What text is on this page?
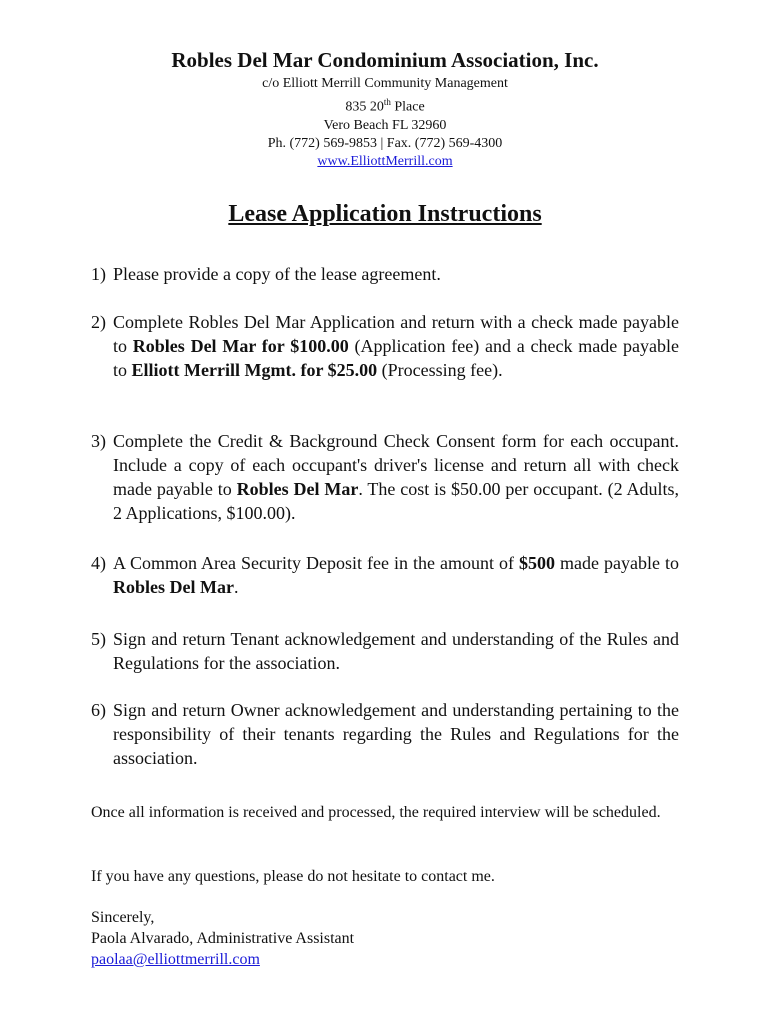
Robles Del Mar Condominium Association, Inc.
c/o Elliott Merrill Community Management
835 20th Place
Vero Beach FL 32960
Ph. (772) 569-9853 | Fax. (772) 569-4300
www.ElliottMerrill.com
Lease Application Instructions
1) Please provide a copy of the lease agreement.
2) Complete Robles Del Mar Application and return with a check made payable to Robles Del Mar for $100.00 (Application fee) and a check made payable to Elliott Merrill Mgmt. for $25.00 (Processing fee).
3) Complete the Credit & Background Check Consent form for each occupant. Include a copy of each occupant's driver's license and return all with check made payable to Robles Del Mar. The cost is $50.00 per occupant. (2 Adults, 2 Applications, $100.00).
4) A Common Area Security Deposit fee in the amount of $500 made payable to Robles Del Mar.
5) Sign and return Tenant acknowledgement and understanding of the Rules and Regulations for the association.
6) Sign and return Owner acknowledgement and understanding pertaining to the responsibility of their tenants regarding the Rules and Regulations for the association.
Once all information is received and processed, the required interview will be scheduled.
If you have any questions, please do not hesitate to contact me.
Sincerely,
Paola Alvarado, Administrative Assistant
paolaa@elliottmerrill.com
